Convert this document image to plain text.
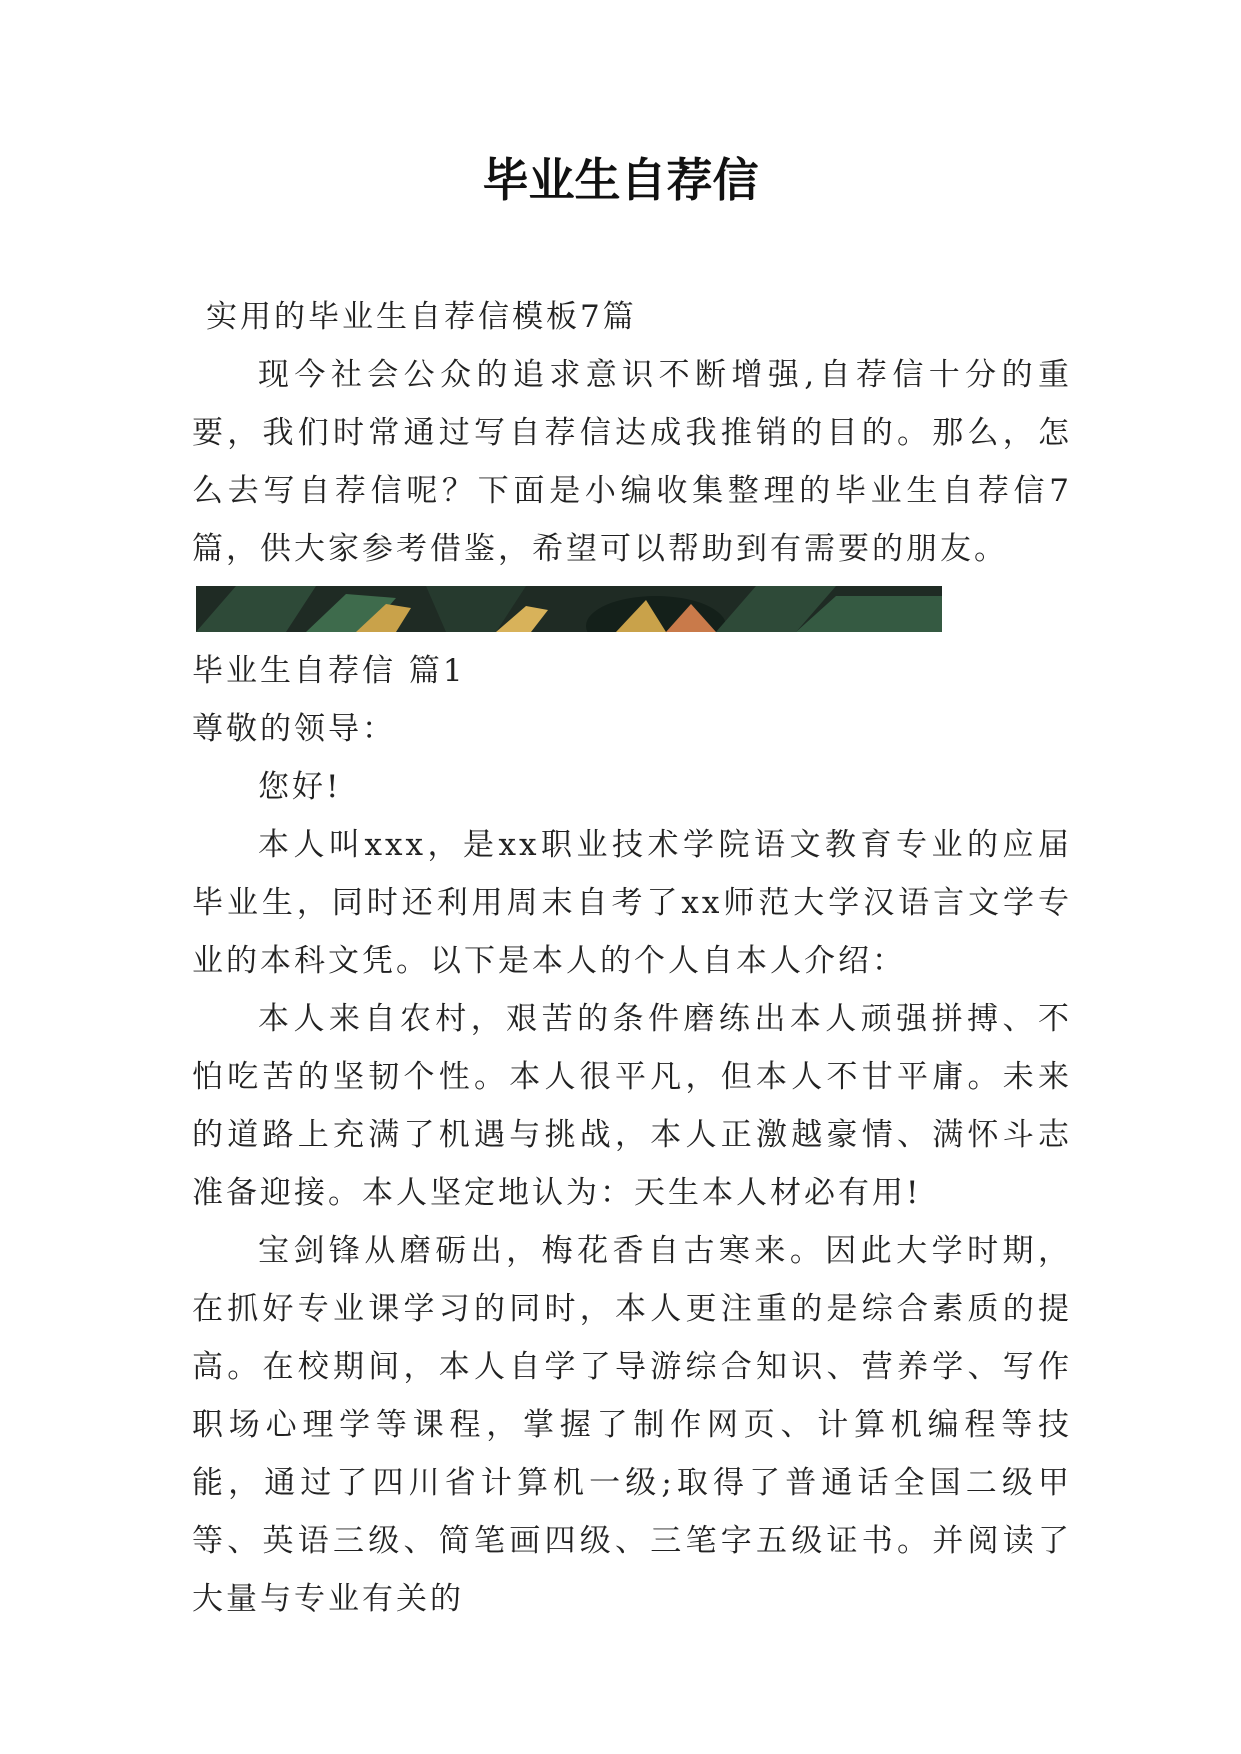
毕业生自荐信

实用的毕业生自荐信模板7篇

现今社会公众的追求意识不断增强,自荐信十分的重要，我们时常通过写自荐信达成我推销的目的。那么，怎么去写自荐信呢？下面是小编收集整理的毕业生自荐信7篇，供大家参考借鉴，希望可以帮助到有需要的朋友。

毕业生自荐信 篇1

尊敬的领导：

您好!

本人叫xxx，是xx职业技术学院语文教育专业的应届毕业生，同时还利用周末自考了xx师范大学汉语言文学专业的本科文凭。以下是本人的个人自本人介绍：

本人来自农村，艰苦的条件磨练出本人顽强拼搏、不怕吃苦的坚韧个性。本人很平凡，但本人不甘平庸。未来的道路上充满了机遇与挑战，本人正激越豪情、满怀斗志准备迎接。本人坚定地认为：天生本人材必有用!

宝剑锋从磨砺出，梅花香自古寒来。因此大学时期，在抓好专业课学习的同时，本人更注重的是综合素质的提高。在校期间，本人自学了导游综合知识、营养学、写作职场心理学等课程，掌握了制作网页、计算机编程等技能，通过了四川省计算机一级;取得了普通话全国二级甲等、英语三级、简笔画四级、三笔字五级证书。并阅读了大量与专业有关的
